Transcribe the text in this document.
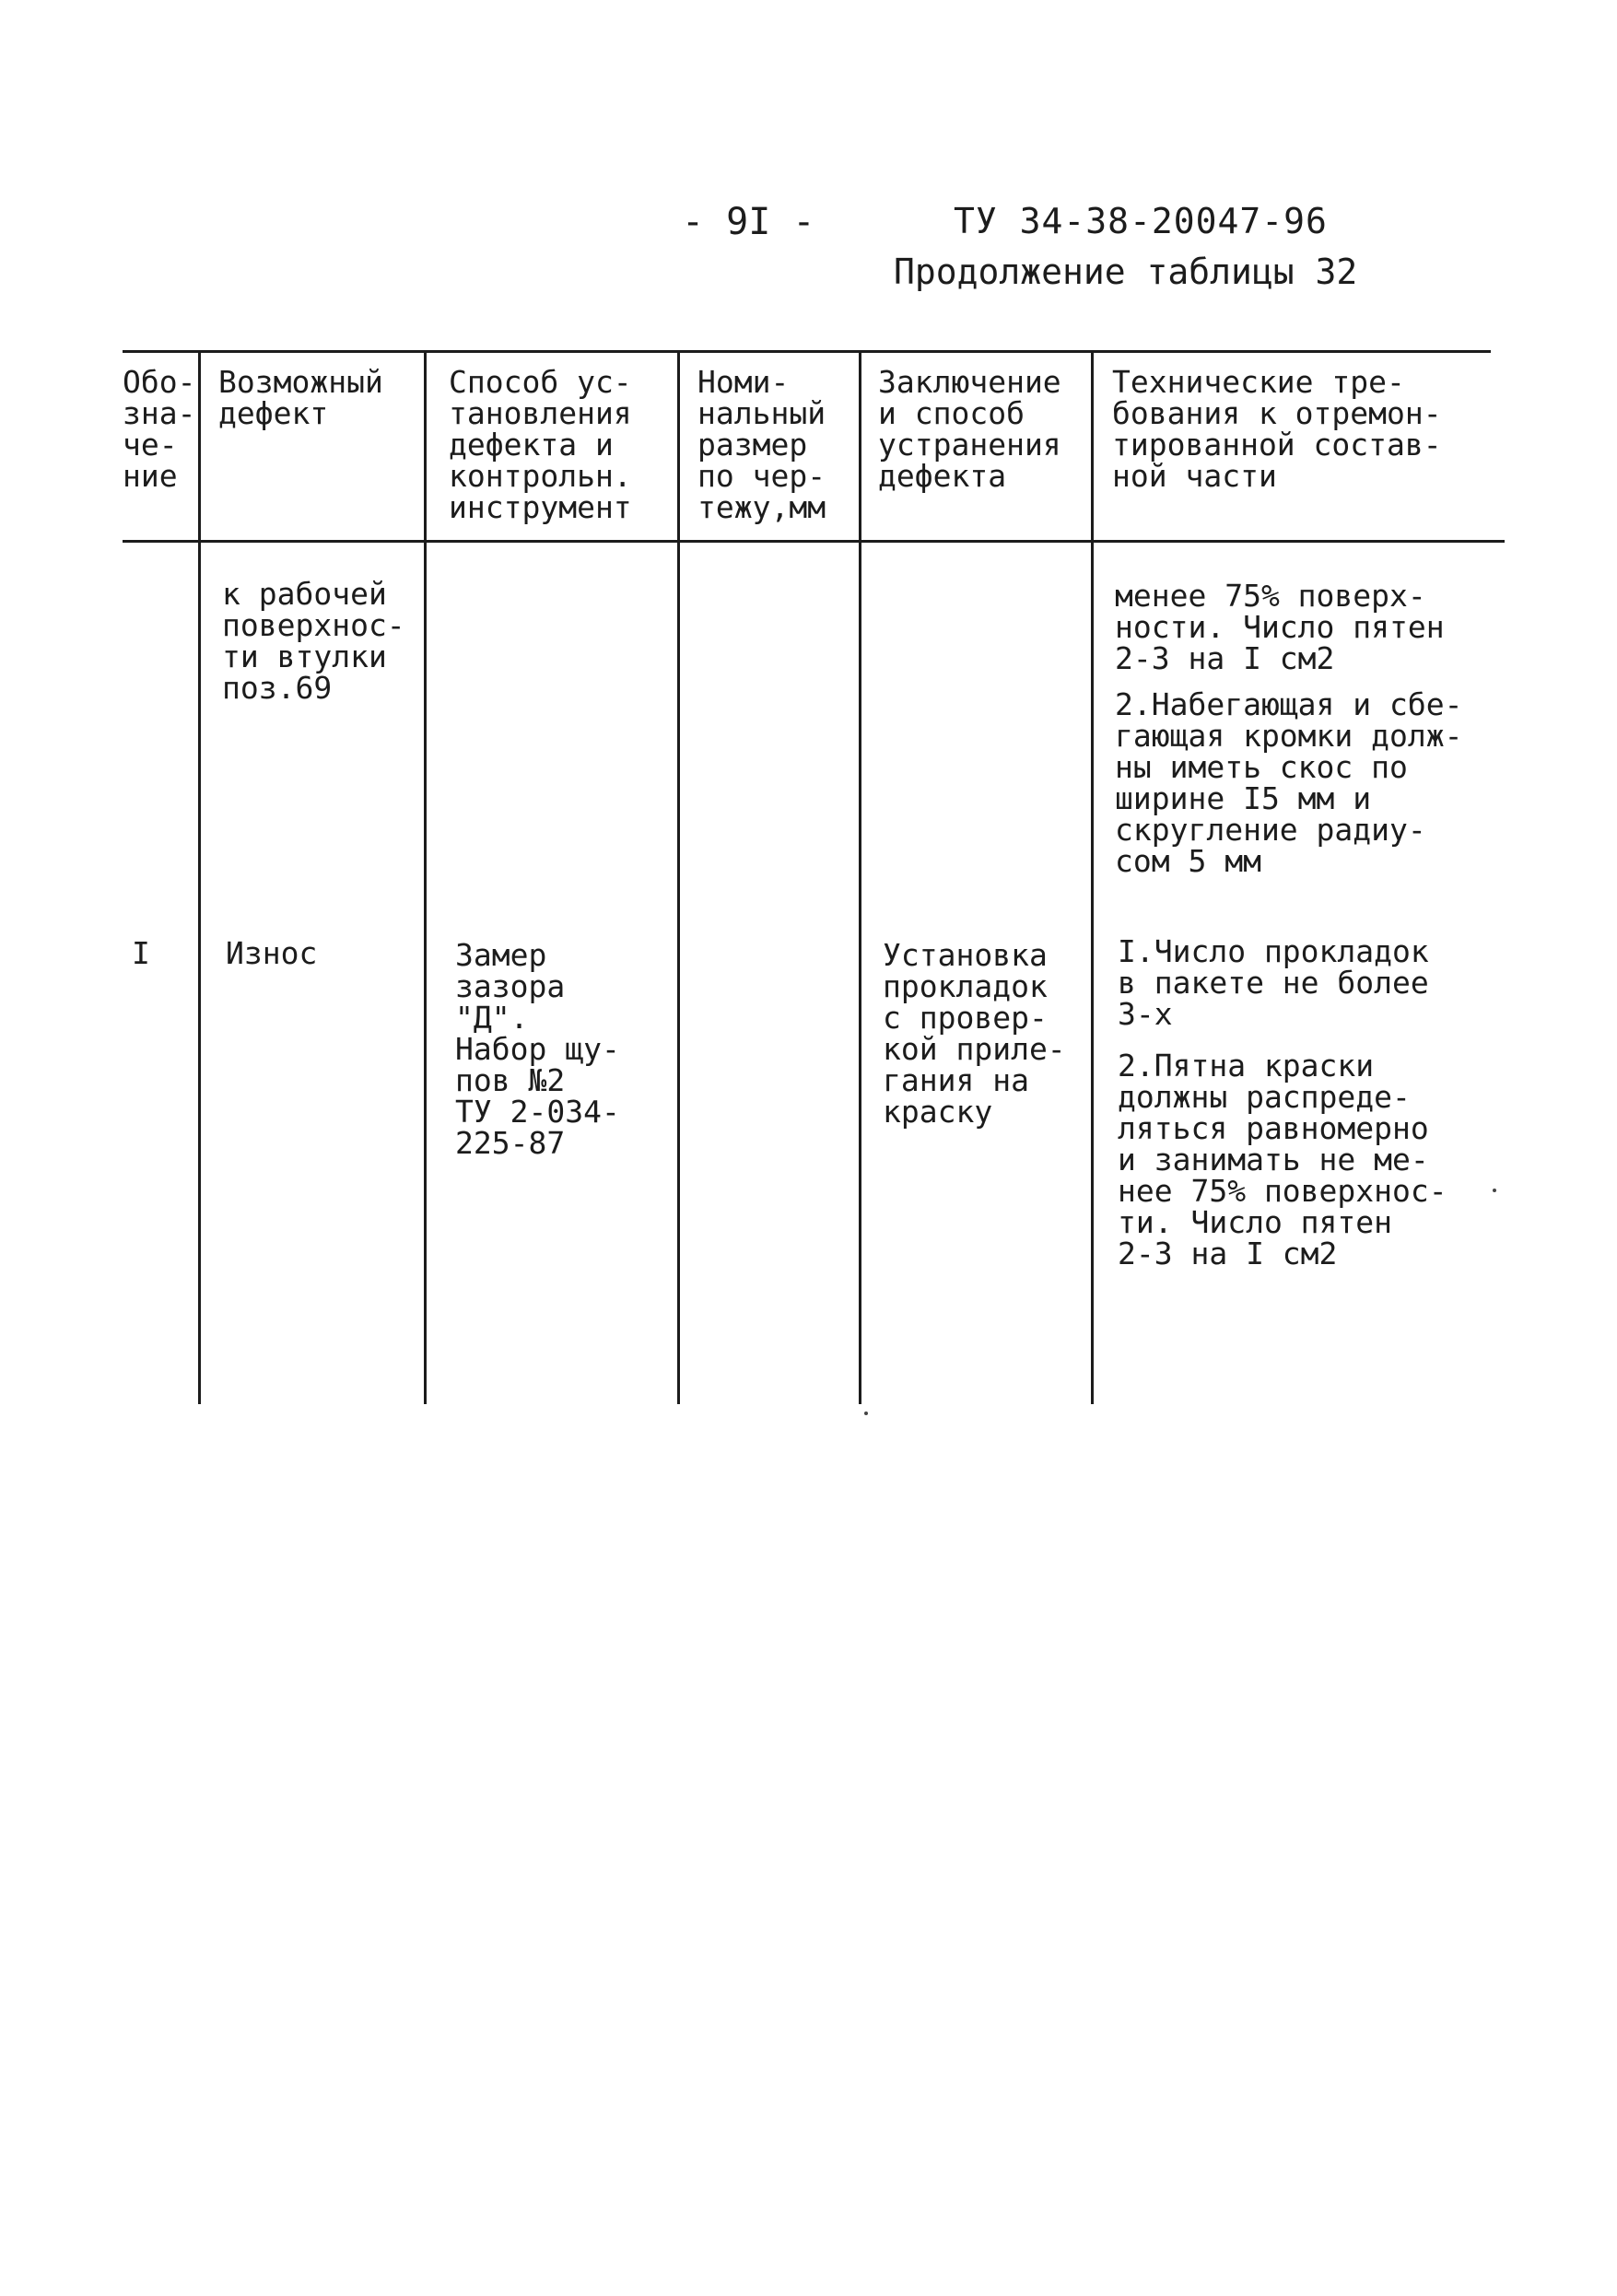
- 9I -	ТУ 34-38-20047-96
Продолжение таблицы 32
Обо-
зна-
че-
ние
Возможный
дефект
Способ ус-
тановления
дефекта и
контрольн.
инструмент
Номи-
нальный
размер
по чер-
тежу,мм
Заключение
и способ
устранения
дефекта
Технические тре-
бования к отремон-
тированной состав-
ной части
к рабочей
поверхнос-
ти втулки
поз.69
менее 75% поверх-
ности. Число пятен
2-3 на I см2
2.Набегающая и сбе-
гающая кромки долж-
ны иметь скос по
ширине I5 мм и
скругление радиу-
сом 5 мм
I Износ	Замер
зазора
"Д".
Набор щу-
пов №2
ТУ 2-034-
225-87
Установка
прокладок
с провер-
кой приле-
гания на
краску
I.Число прокладок
в пакете не более
3-х
2.Пятна краски
должны распреде-
ляться равномерно
и занимать не ме-
нее 75% поверхнос-
ти. Число пятен
2-3 на I см2
